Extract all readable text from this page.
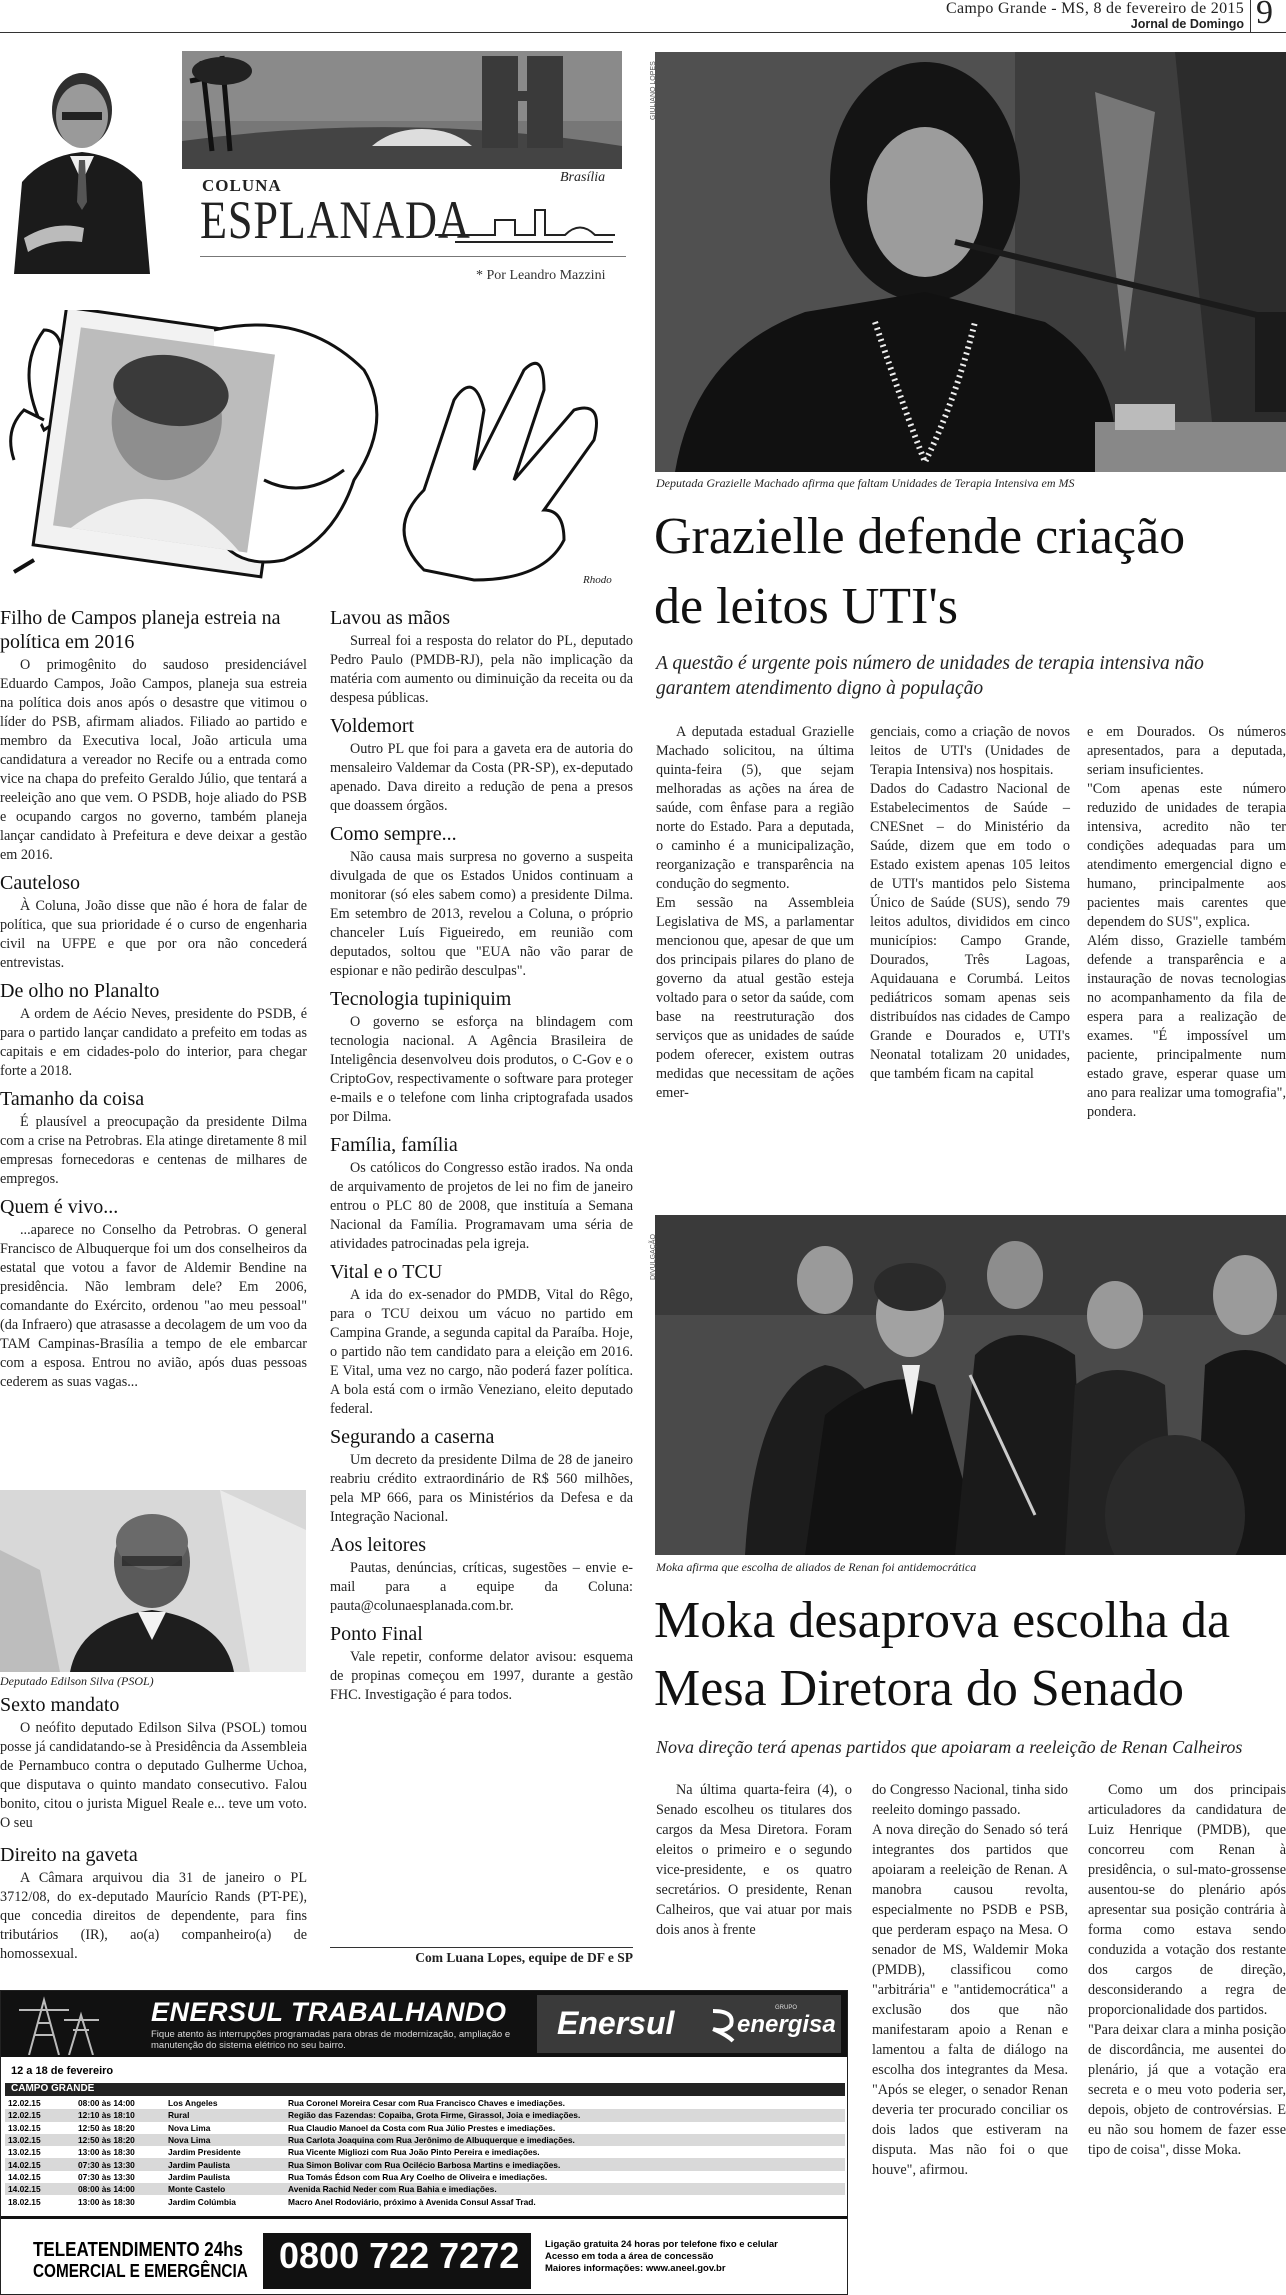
Campo Grande - MS, 8 de fevereiro de 2015
Jornal de Domingo 9
Brasília
COLUNA
ESPLANADA
* Por Leandro Mazzini
Rhodo
Filho de Campos planeja estreia na política em 2016

O primogênito do saudoso presidenciável Eduardo Campos, João Campos, planeja sua estreia na política dois anos após o desastre que vitimou o líder do PSB, afirmam aliados. Filiado ao partido e membro da Executiva local, João articula uma candidatura a vereador no Recife ou a entrada como vice na chapa do prefeito Geraldo Júlio, que tentará a reeleição ano que vem. O PSDB, hoje aliado do PSB e ocupando cargos no governo, também planeja lançar candidato à Prefeitura e deve deixar a gestão em 2016.

Cauteloso

À Coluna, João disse que não é hora de falar de política, que sua prioridade é o curso de engenharia civil na UFPE e que por ora não concederá entrevistas.

De olho no Planalto

A ordem de Aécio Neves, presidente do PSDB, é para o partido lançar candidato a prefeito em todas as capitais e em cidades-polo do interior, para chegar forte a 2018.

Tamanho da coisa

É plausível a preocupação da presidente Dilma com a crise na Petrobras. Ela atinge diretamente 8 mil empresas fornecedoras e centenas de milhares de empregos.

Quem é vivo...

...aparece no Conselho da Petrobras. O general Francisco de Albuquerque foi um dos conselheiros da estatal que votou a favor de Aldemir Bendine na presidência. Não lembram dele? Em 2006, comandante do Exército, ordenou "ao meu pessoal" (da Infraero) que atrasasse a decolagem de um voo da TAM Campinas-Brasília a tempo de ele embarcar com a esposa. Entrou no avião, após duas pessoas cederem as suas vagas...

Deputado Edilson Silva (PSOL)
Sexto mandato

O neófito deputado Edilson Silva (PSOL) tomou posse já candidatando-se à Presidência da Assembleia de Pernambuco contra o deputado Gulherme Uchoa, que disputava o quinto mandato consecutivo. Falou bonito, citou o jurista Miguel Reale e... teve um voto. O seu

Direito na gaveta

A Câmara arquivou dia 31 de janeiro o PL 3712/08, do ex-deputado Maurício Rands (PT-PE), que concedia direitos de dependente, para fins tributários (IR), ao(a) companheiro(a) de homossexual.

Lavou as mãos

Surreal foi a resposta do relator do PL, deputado Pedro Paulo (PMDB-RJ), pela não implicação da matéria com aumento ou diminuição da receita ou da despesa públicas.

Voldemort

Outro PL que foi para a gaveta era de autoria do mensaleiro Valdemar da Costa (PR-SP), ex-deputado apenado. Dava direito a redução de pena a presos que doassem órgãos.

Como sempre...

Não causa mais surpresa no governo a suspeita divulgada de que os Estados Unidos continuam a monitorar (só eles sabem como) a presidente Dilma. Em setembro de 2013, revelou a Coluna, o próprio chanceler Luís Figueiredo, em reunião com deputados, soltou que "EUA não vão parar de espionar e não pedirão desculpas".

Tecnologia tupiniquim

O governo se esforça na blindagem com tecnologia nacional. A Agência Brasileira de Inteligência desenvolveu dois produtos, o C-Gov e o CriptoGov, respectivamente o software para proteger e-mails e o telefone com linha criptografada usados por Dilma.

Família, família

Os católicos do Congresso estão irados. Na onda de arquivamento de projetos de lei no fim de janeiro entrou o PLC 80 de 2008, que instituía a Semana Nacional da Família. Programavam uma séria de atividades patrocinadas pela igreja.

Vital e o TCU

A ida do ex-senador do PMDB, Vital do Rêgo, para o TCU deixou um vácuo no partido em Campina Grande, a segunda capital da Paraíba. Hoje, o partido não tem candidato para a eleição em 2016. E Vital, uma vez no cargo, não poderá fazer política. A bola está com o irmão Veneziano, eleito deputado federal.

Segurando a caserna

Um decreto da presidente Dilma de 28 de janeiro reabriu crédito extraordinário de R$ 560 milhões, pela MP 666, para os Ministérios da Defesa e da Integração Nacional.

Aos leitores

Pautas, denúncias, críticas, sugestões – envie e-mail para a equipe da Coluna: pauta@colunaesplanada.com.br.

Ponto Final

Vale repetir, conforme delator avisou: esquema de propinas começou em 1997, durante a gestão FHC. Investigação é para todos.

Com Luana Lopes, equipe de DF e SP
GIULIANO LOPES
Deputada Grazielle Machado afirma que faltam Unidades de Terapia Intensiva em MS
Grazielle defende criação
de leitos UTI's
A questão é urgente pois número de unidades de terapia intensiva não garantem atendimento digno à população

A deputada estadual Grazielle Machado solicitou, na última quinta-feira (5), que sejam melhoradas as ações na área de saúde, com ênfase para a região norte do Estado. Para a deputada, o caminho é a municipalização, reorganização e transparência na condução do segmento.
Em sessão na Assembleia Legislativa de MS, a parlamentar mencionou que, apesar de que um dos principais pilares do plano de governo da atual gestão esteja voltado para o setor da saúde, com base na reestruturação dos serviços que as unidades de saúde podem oferecer, existem outras medidas que necessitam de ações emer-

genciais, como a criação de novos leitos de UTI's (Unidades de Terapia Intensiva) nos hospitais.
Dados do Cadastro Nacional de Estabelecimentos de Saúde – CNESnet – do Ministério da Saúde, dizem que em todo o Estado existem apenas 105 leitos de UTI's mantidos pelo Sistema Único de Saúde (SUS), sendo 79 leitos adultos, divididos em cinco municípios: Campo Grande, Dourados, Três Lagoas, Aquidauana e Corumbá. Leitos pediátricos somam apenas seis distribuídos nas cidades de Campo Grande e Dourados e, UTI's Neonatal totalizam 20 unidades, que também ficam na capital

e em Dourados. Os números apresentados, para a deputada, seriam insuficientes.
"Com apenas este número reduzido de unidades de terapia intensiva, acredito não ter condições adequadas para um atendimento emergencial digno e humano, principalmente aos pacientes mais carentes que dependem do SUS", explica.
Além disso, Grazielle também defende a transparência e a instauração de novas tecnologias no acompanhamento da fila de espera para a realização de exames. "É impossível um paciente, principalmente num estado grave, esperar quase um ano para realizar uma tomografia", pondera.

DIVULGAÇÃO
Moka afirma que escolha de aliados de Renan foi antidemocrática
Moka desaprova escolha da
Mesa Diretora do Senado
Nova direção terá apenas partidos que apoiaram a reeleição de Renan Calheiros

Na última quarta-feira (4), o Senado escolheu os titulares dos cargos da Mesa Diretora. Foram eleitos o primeiro e o segundo vice-presidente, e os quatro secretários. O presidente, Renan Calheiros, que vai atuar por mais dois anos à frente

do Congresso Nacional, tinha sido reeleito domingo passado.
A nova direção do Senado só terá integrantes dos partidos que apoiaram a reeleição de Renan. A manobra causou revolta, especialmente no PSDB e PSB, que perderam espaço na Mesa. O senador de MS, Waldemir Moka (PMDB), classificou como "arbitrária" e "antidemocrática" a exclusão dos que não manifestaram apoio a Renan e lamentou a falta de diálogo na escolha dos integrantes da Mesa. "Após se eleger, o senador Renan deveria ter procurado conciliar os dois lados que estiveram na disputa. Mas não foi o que houve", afirmou.

Como um dos principais articuladores da candidatura de Luiz Henrique (PMDB), que concorreu com Renan à presidência, o sul-mato-grossense ausentou-se do plenário após apresentar sua posição contrária à forma como estava sendo conduzida a votação dos restante dos cargos de direção, desconsiderando a regra de proporcionalidade dos partidos.
"Para deixar clara a minha posição de discordância, me ausentei do plenário, já que a votação era secreta e o meu voto poderia ser, depois, objeto de controvérsias. E eu não sou homem de fazer esse tipo de coisa", disse Moka.

ENERSUL TRABALHANDO
Fique atento às interrupções programadas para obras de modernização, ampliação e manutenção do sistema elétrico no seu bairro.
Enersul	GRUPO
energisa
12 a 18 de fevereiro
CAMPO GRANDE
12.02.15	08:00 às 14:00	Los Angeles	Rua Coronel Moreira Cesar com Rua Francisco Chaves e imediações.
12.02.15	12:10 às 18:10	Rural	Região das Fazendas: Copaiba, Grota Firme, Girassol, Joia e imediações.
13.02.15	12:50 às 18:20	Nova Lima	Rua Claudio Manoel da Costa com Rua Júlio Prestes e imediações.
13.02.15	12:50 às 18:20	Nova Lima	Rua Carlota Joaquina com Rua Jerônimo de Albuquerque e imediações.
13.02.15	13:00 às 18:30	Jardim Presidente	Rua Vicente Migliozi com Rua João Pinto Pereira e imediações.
14.02.15	07:30 às 13:30	Jardim Paulista	Rua Simon Bolivar com Rua Ocilécio Barbosa Martins e imediações.
14.02.15	07:30 às 13:30	Jardim Paulista	Rua Tomás Édson com Rua Ary Coelho de Oliveira e imediações.
14.02.15	08:00 às 14:00	Monte Castelo	Avenida Rachid Neder com Rua Bahia e imediações.
18.02.15	13:00 às 18:30	Jardim Colúmbia	Macro Anel Rodoviário, próximo à Avenida Consul Assaf Trad.
TELEATENDIMENTO 24hs
COMERCIAL E EMERGÊNCIA 0800 722 7272	Ligação gratuita 24 horas por telefone fixo e celular
Acesso em toda a área de concessão
Maiores informações: www.aneel.gov.br
